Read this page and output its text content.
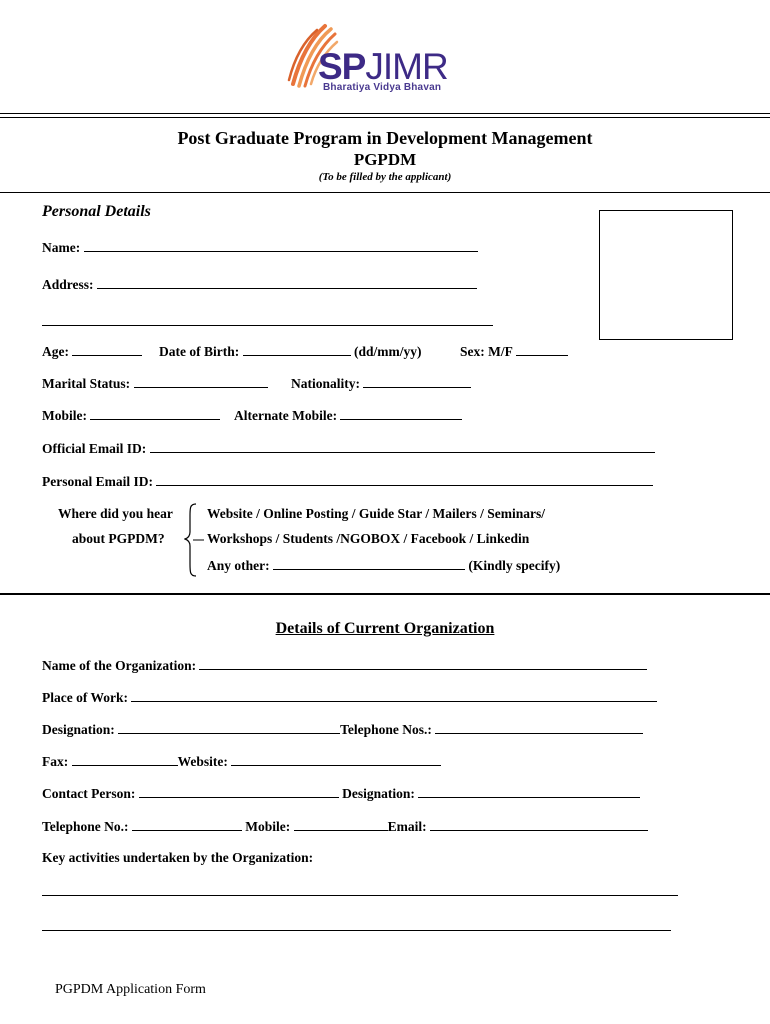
SPJIMR
Bharatiya Vidya Bhavan
Post Graduate Program in Development Management
PGPDM
(To be filled by the applicant)
Personal Details
Name:
Address:
Age:	Date of Birth:	(dd/mm/yy)	Sex: M/F
Marital Status:	Nationality:
Mobile:	Alternate Mobile:
Official Email ID:
Personal Email ID:
Where did you hear
about PGPDM?
Website / Online Posting / Guide Star / Mailers / Seminars/
Workshops / Students /NGOBOX / Facebook / Linkedin
Any other:	(Kindly specify)
Details of Current Organization
Name of the Organization:
Place of Work:
Designation:	Telephone Nos.:
Fax:	Website:
Contact Person:	Designation:
Telephone No.:	Mobile:	Email:
Key activities undertaken by the Organization:
PGPDM Application Form
